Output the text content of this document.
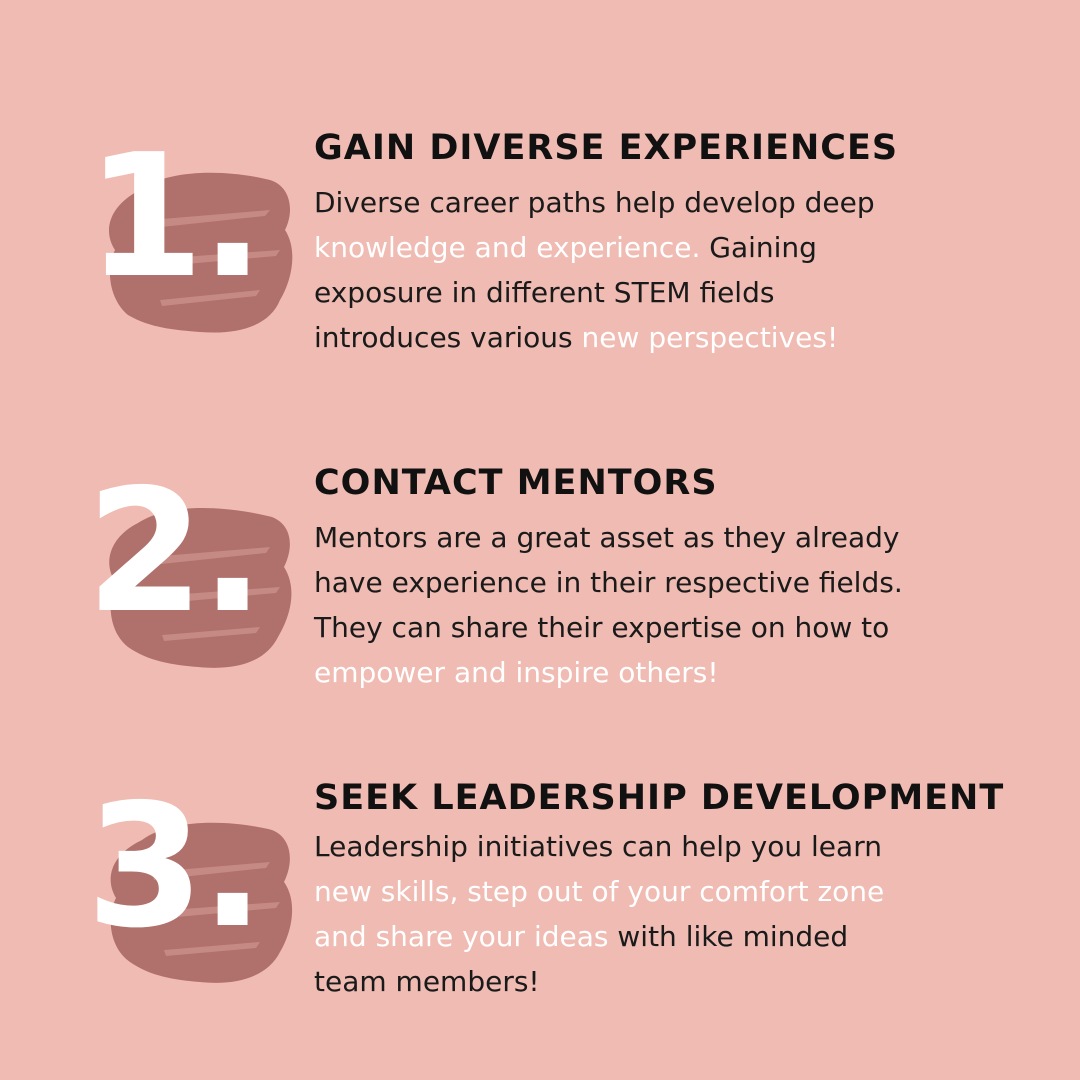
1. GAIN DIVERSE EXPERIENCES

Diverse career paths help develop deep
knowledge and experience. Gaining
exposure in different STEM fields
introduces various new perspectives!

2. CONTACT MENTORS

Mentors are a great asset as they already
have experience in their respective fields.
They can share their expertise on how to
empower and inspire others!

3. SEEK LEADERSHIP DEVELOPMENT

Leadership initiatives can help you learn
new skills, step out of your comfort zone
and share your ideas with like minded
team members!
